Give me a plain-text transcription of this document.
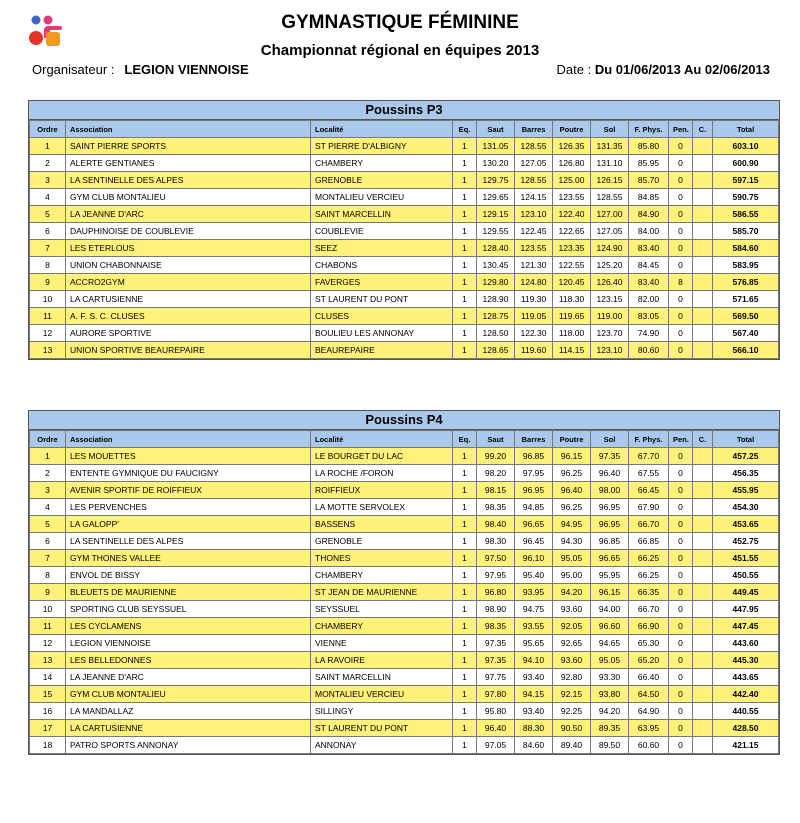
GYMNASTIQUE FÉMININE
Championnat régional en équipes 2013
Organisateur : LEGION VIENNOISE	Date : Du 01/06/2013 Au 02/06/2013
Poussins P3
Ordre	Association	Localité	Eq.	Saut	Barres	Poutre	Sol	F. Phys.	Pen.	C.	Total
1	SAINT PIERRE SPORTS	ST PIERRE D'ALBIGNY	1	131.05	128.55	126.35	131.35	85.80	0		603.10
2	ALERTE GENTIANES	CHAMBERY	1	130.20	127.05	126.80	131.10	85.95	0		600.90
3	LA SENTINELLE DES ALPES	GRENOBLE	1	129.75	128.55	125.00	126.15	85.70	0		597.15
4	GYM CLUB MONTALIEU	MONTALIEU VERCIEU	1	129.65	124.15	123.55	128.55	84.85	0		590.75
5	LA JEANNE D'ARC	SAINT MARCELLIN	1	129.15	123.10	122.40	127.00	84.90	0		586.55
6	DAUPHINOISE DE COUBLEVIE	COUBLEVIE	1	129.55	122.45	122.65	127.05	84.00	0		585.70
7	LES ETERLOUS	SEEZ	1	128.40	123.55	123.35	124.90	83.40	0		584.60
8	UNION CHABONNAISE	CHABONS	1	130.45	121.30	122.55	125.20	84.45	0		583.95
9	ACCRO2GYM	FAVERGES	1	129.80	124.80	120.45	126.40	83.40	8		576.85
10	LA CARTUSIENNE	ST LAURENT DU PONT	1	128.90	119.30	118.30	123.15	82.00	0		571.65
11	A. F. S. C. CLUSES	CLUSES	1	128.75	119.05	119.65	119.00	83.05	0		569.50
12	AURORE SPORTIVE	BOULIEU LES ANNONAY	1	128.50	122.30	118.00	123.70	74.90	0		567.40
13	UNION SPORTIVE BEAUREPAIRE	BEAUREPAIRE	1	128.65	119.60	114.15	123.10	80.60	0		566.10
Poussins P4
Ordre	Association	Localité	Eq.	Saut	Barres	Poutre	Sol	F. Phys.	Pen.	C.	Total
1	LES MOUETTES	LE BOURGET DU LAC	1	99.20	96.85	96.15	97.35	67.70	0		457.25
2	ENTENTE GYMNIQUE DU FAUCIGNY	LA ROCHE /FORON	1	98.20	97.95	96.25	96.40	67.55	0		456.35
3	AVENIR SPORTIF DE ROIFFIEUX	ROIFFIEUX	1	98.15	96.95	96.40	98.00	66.45	0		455.95
4	LES PERVENCHES	LA MOTTE SERVOLEX	1	98.35	94.85	96.25	96.95	67.90	0		454.30
5	LA GALOPP'	BASSENS	1	98.40	96.65	94.95	96.95	66.70	0		453.65
6	LA SENTINELLE DES ALPES	GRENOBLE	1	98.30	96.45	94.30	96.85	66.85	0		452.75
7	GYM THONES VALLEE	THONES	1	97.50	96.10	95.05	96.65	66.25	0		451.55
8	ENVOL DE BISSY	CHAMBERY	1	97.95	95.40	95.00	95.95	66.25	0		450.55
9	BLEUETS DE MAURIENNE	ST JEAN DE MAURIENNE	1	96.80	93.95	94.20	96.15	66.35	0		449.45
10	SPORTING CLUB SEYSSUEL	SEYSSUEL	1	98.90	94.75	93.60	94.00	66.70	0		447.95
11	LES CYCLAMENS	CHAMBERY	1	98.35	93.55	92.05	96.60	66.90	0		447.45
12	LEGION VIENNOISE	VIENNE	1	97.35	95.65	92.65	94.65	65.30	0		443.60
13	LES BELLEDONNES	LA RAVOIRE	1	97.35	94.10	93.60	95.05	65.20	0		445.30
14	LA JEANNE D'ARC	SAINT MARCELLIN	1	97.75	93.40	92.80	93.30	66.40	0		443.65
15	GYM CLUB MONTALIEU	MONTALIEU VERCIEU	1	97.80	94.15	92.15	93.80	64.50	0		442.40
16	LA MANDALLAZ	SILLINGY	1	95.80	93.40	92.25	94.20	64.90	0		440.55
17	LA CARTUSIENNE	ST LAURENT DU PONT	1	96.40	88.30	90.50	89.35	63.95	0		428.50
18	PATRO SPORTS ANNONAY	ANNONAY	1	97.05	84.60	89.40	89.50	60.60	0		421.15
